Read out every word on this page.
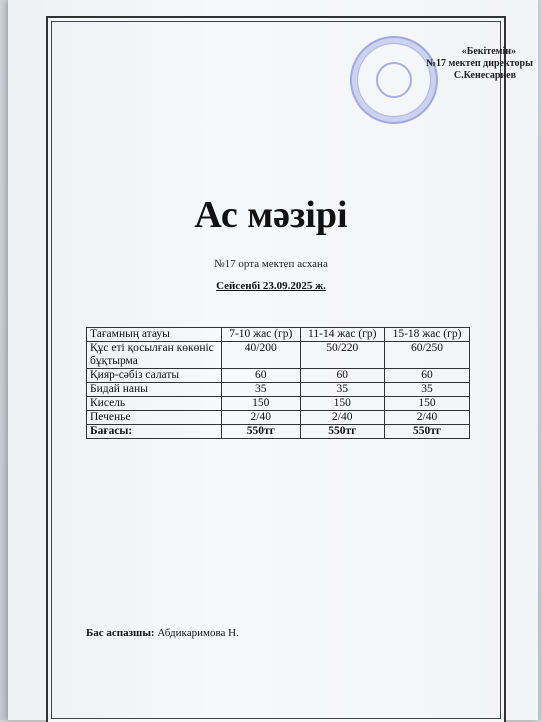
«Бекітемін»
№17 мектеп директоры
С.Кенесариев
Ас мәзірі
№17 орта мектеп асхана
Сейсенбі 23.09.2025 ж.
Тағамның атауы	7-10 жас (гр)	11-14 жас (гр)	15-18 жас (гр)
Құс еті қосылған көкөніс бұқтырма	40/200	50/220	60/250
Қияр-сәбіз салаты	60	60	60
Бидай наны	35	35	35
Кисель	150	150	150
Печенье	2/40	2/40	2/40
Бағасы:	550тг	550тг	550тг
Бас аспазшы: Абдикаримова Н.
